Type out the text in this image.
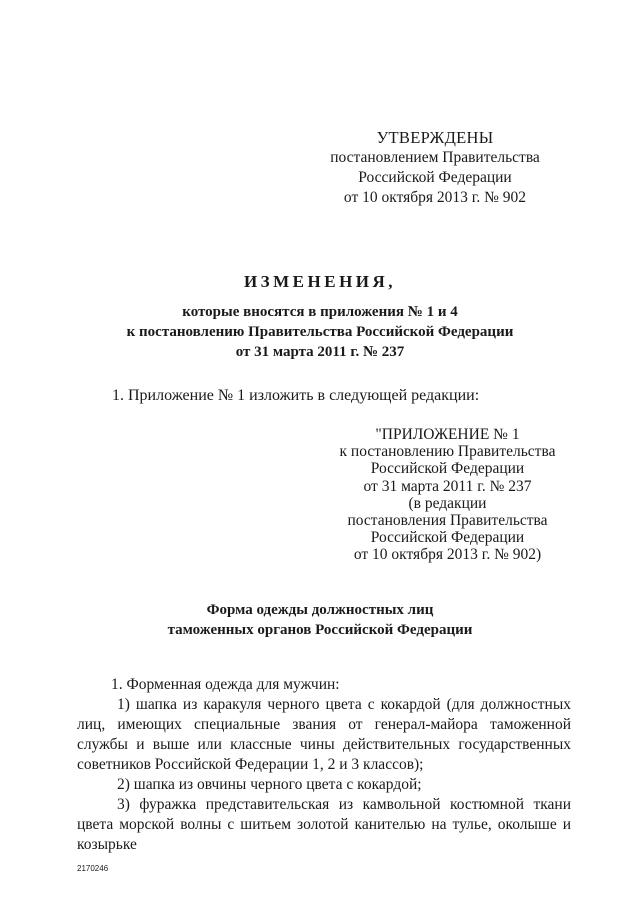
УТВЕРЖДЕНЫ
постановлением Правительства
Российской Федерации
от 10 октября 2013 г. № 902
ИЗМЕНЕНИЯ,
которые вносятся в приложения № 1 и 4
к постановлению Правительства Российской Федерации
от 31 марта 2011 г. № 237
1. Приложение № 1 изложить в следующей редакции:
"ПРИЛОЖЕНИЕ № 1
к постановлению Правительства
Российской Федерации
от 31 марта 2011 г. № 237
(в редакции
постановления Правительства
Российской Федерации
от 10 октября 2013 г. № 902)
Форма одежды должностных лиц
таможенных органов Российской Федерации

1. Форменная одежда для мужчин:

1) шапка из каракуля черного цвета с кокардой (для должностных лиц, имеющих специальные звания от генерал-майора таможенной службы и выше или классные чины действительных государственных советников Российской Федерации 1, 2 и 3 классов);

2) шапка из овчины черного цвета с кокардой;

3) фуражка представительская из камвольной костюмной ткани цвета морской волны с шитьем золотой канителью на тулье, околыше и козырьке

2170246
